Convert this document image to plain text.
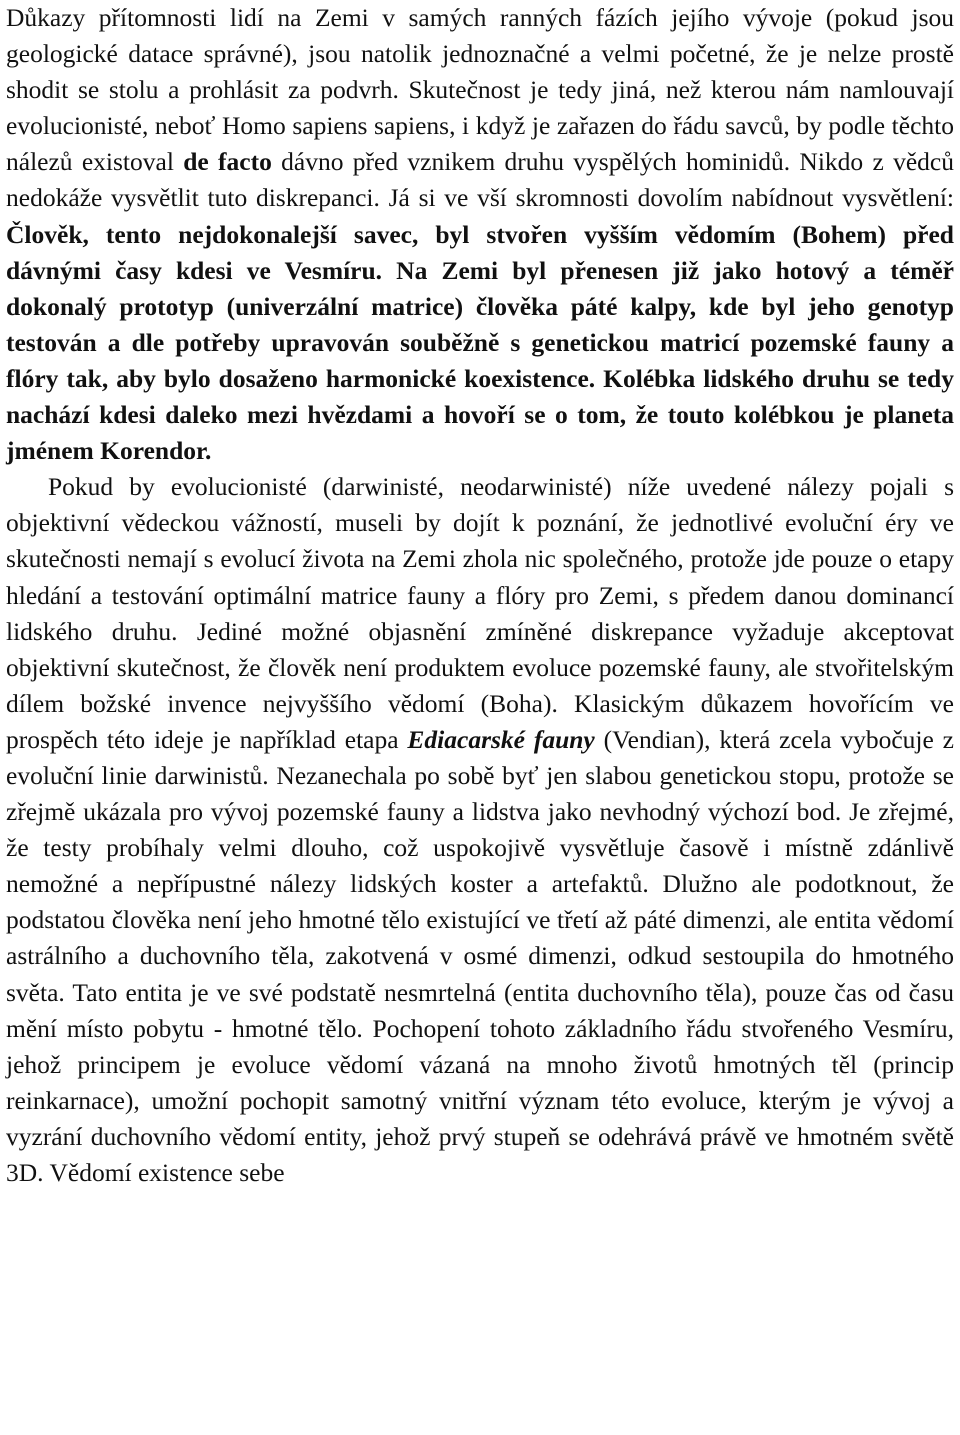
Důkazy přítomnosti lidí na Zemi v samých ranných fázích jejího vývoje (pokud jsou geologické datace správné), jsou natolik jednoznačné a velmi početné, že je nelze prostě shodit se stolu a prohlásit za podvrh. Skutečnost je tedy jiná, než kterou nám namlouvají evolucionisté, neboť Homo sapiens sapiens, i když je zařazen do řádu savců, by podle těchto nálezů existoval de facto dávno před vznikem druhu vyspělých hominidů. Nikdo z vědců nedokáže vysvětlit tuto diskrepanci. Já si ve vší skromnosti dovolím nabídnout vysvětlení: Člověk, tento nejdokonalejší savec, byl stvořen vyšším vědomím (Bohem) před dávnými časy kdesi ve Vesmíru. Na Zemi byl přenesen již jako hotový a téměř dokonalý prototyp (univerzální matrice) člověka páté kalpy, kde byl jeho genotyp testován a dle potřeby upravován souběžně s genetickou matricí pozemské fauny a flóry tak, aby bylo dosaženo harmonické koexistence. Kolébka lidského druhu se tedy nachází kdesi daleko mezi hvězdami a hovoří se o tom, že touto kolébkou je planeta jménem Korendor.

Pokud by evolucionisté (darwinisté, neodarwinisté) níže uvedené nálezy pojali s objektivní vědeckou vážností, museli by dojít k poznání, že jednotlivé evoluční éry ve skutečnosti nemají s evolucí života na Zemi zhola nic společného, protože jde pouze o etapy hledání a testování optimální matrice fauny a flóry pro Zemi, s předem danou dominancí lidského druhu. Jediné možné objasnění zmíněné diskrepance vyžaduje akceptovat objektivní skutečnost, že člověk není produktem evoluce pozemské fauny, ale stvořitelským dílem božské invence nejvyššího vědomí (Boha). Klasickým důkazem hovořícím ve prospěch této ideje je například etapa Ediacarské fauny (Vendian), která zcela vybočuje z evoluční linie darwinistů. Nezanechala po sobě byť jen slabou genetickou stopu, protože se zřejmě ukázala pro vývoj pozemské fauny a lidstva jako nevhodný výchozí bod. Je zřejmé, že testy probíhaly velmi dlouho, což uspokojivě vysvětluje časově i místně zdánlivě nemožné a nepřípustné nálezy lidských koster a artefaktů. Dlužno ale podotknout, že podstatou člověka není jeho hmotné tělo existující ve třetí až páté dimenzi, ale entita vědomí astrálního a duchovního těla, zakotvená v osmé dimenzi, odkud sestoupila do hmotného světa. Tato entita je ve své podstatě nesmrtelná (entita duchovního těla), pouze čas od času mění místo pobytu - hmotné tělo. Pochopení tohoto základního řádu stvořeného Vesmíru, jehož principem je evoluce vědomí vázaná na mnoho životů hmotných těl (princip reinkarnace), umožní pochopit samotný vnitřní význam této evoluce, kterým je vývoj a vyzrání duchovního vědomí entity, jehož prvý stupeň se odehrává právě ve hmotném světě 3D. Vědomí existence sebe
